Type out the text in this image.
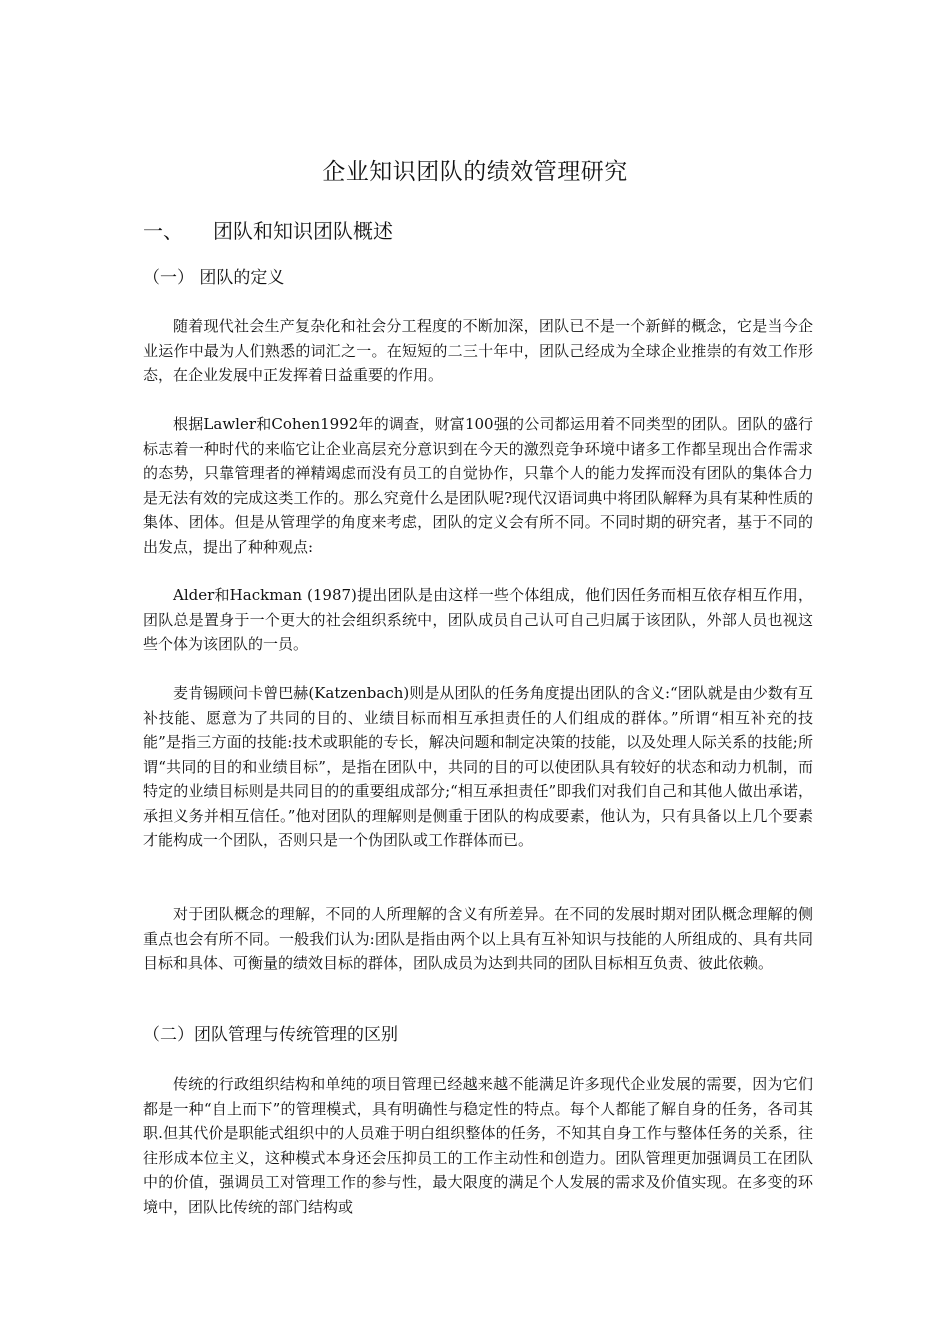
企业知识团队的绩效管理研究
一、 团队和知识团队概述
（一） 团队的定义

随着现代社会生产复杂化和社会分工程度的不断加深，团队已不是一个新鲜的概念，它是当今企业运作中最为人们熟悉的词汇之一。在短短的二三十年中，团队己经成为全球企业推崇的有效工作形态，在企业发展中正发挥着日益重要的作用。

根据Lawler和Cohen1992年的调查，财富100强的公司都运用着不同类型的团队。团队的盛行标志着一种时代的来临它让企业高层充分意识到在今天的激烈竞争环境中诸多工作都呈现出合作需求的态势，只靠管理者的禅精竭虑而没有员工的自觉协作，只靠个人的能力发挥而没有团队的集体合力是无法有效的完成这类工作的。那么究竟什么是团队呢?现代汉语词典中将团队解释为具有某种性质的集体、团体。但是从管理学的角度来考虑，团队的定义会有所不同。不同时期的研究者，基于不同的出发点，提出了种种观点:

Alder和Hackman (1987)提出团队是由这样一些个体组成，他们因任务而相互依存相互作用，团队总是置身于一个更大的社会组织系统中，团队成员自己认可自己归属于该团队，外部人员也视这些个体为该团队的一员。

麦肯锡顾问卡曾巴赫(Katzenbach)则是从团队的任务角度提出团队的含义:“团队就是由少数有互补技能、愿意为了共同的目的、业绩目标而相互承担责任的人们组成的群体。”所谓“相互补充的技能”是指三方面的技能:技术或职能的专长，解决问题和制定决策的技能，以及处理人际关系的技能;所谓“共同的目的和业绩目标”，是指在团队中，共同的目的可以使团队具有较好的状态和动力机制，而特定的业绩目标则是共同目的的重要组成部分;“相互承担责任”即我们对我们自己和其他人做出承诺，承担义务并相互信任。”他对团队的理解则是侧重于团队的构成要素，他认为，只有具备以上几个要素才能构成一个团队，否则只是一个伪团队或工作群体而已。

对于团队概念的理解，不同的人所理解的含义有所差异。在不同的发展时期对团队概念理解的侧重点也会有所不同。一般我们认为:团队是指由两个以上具有互补知识与技能的人所组成的、具有共同目标和具体、可衡量的绩效目标的群体，团队成员为达到共同的团队目标相互负责、彼此依赖。

（二）团队管理与传统管理的区别

传统的行政组织结构和单纯的项目管理已经越来越不能满足许多现代企业发展的需要，因为它们都是一种“自上而下”的管理模式，具有明确性与稳定性的特点。每个人都能了解自身的任务，各司其职.但其代价是职能式组织中的人员难于明白组织整体的任务，不知其自身工作与整体任务的关系，往往形成本位主义，这种模式本身还会压抑员工的工作主动性和创造力。团队管理更加强调员工在团队中的价值，强调员工对管理工作的参与性，最大限度的满足个人发展的需求及价值实现。在多变的环境中，团队比传统的部门结构或
